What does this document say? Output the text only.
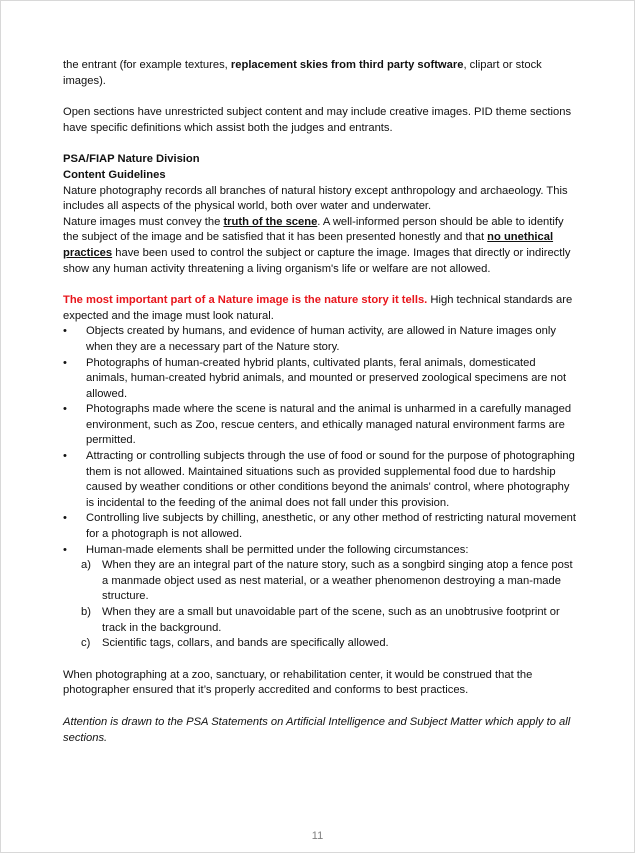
the entrant (for example textures, replacement skies from third party software, clipart or stock images).

Open sections have unrestricted subject content and may include creative images. PID theme sections have specific definitions which assist both the judges and entrants.

PSA/FIAP Nature Division

Content Guidelines

Nature photography records all branches of natural history except anthropology and archaeology. This includes all aspects of the physical world, both over water and underwater.

Nature images must convey the truth of the scene. A well-informed person should be able to identify the subject of the image and be satisfied that it has been presented honestly and that no unethical practices have been used to control the subject or capture the image. Images that directly or indirectly show any human activity threatening a living organism's life or welfare are not allowed.

The most important part of a Nature image is the nature story it tells. High technical standards are expected and the image must look natural.

•	Objects created by humans, and evidence of human activity, are allowed in Nature images only when they are a necessary part of the Nature story.
•	Photographs of human-created hybrid plants, cultivated plants, feral animals, domesticated animals, human-created hybrid animals, and mounted or preserved zoological specimens are not allowed.
•	Photographs made where the scene is natural and the animal is unharmed in a carefully managed environment, such as Zoo, rescue centers, and ethically managed natural environment farms are permitted.
•	Attracting or controlling subjects through the use of food or sound for the purpose of photographing them is not allowed. Maintained situations such as provided supplemental food due to hardship caused by weather conditions or other conditions beyond the animals' control, where photography is incidental to the feeding of the animal does not fall under this provision.
•	Controlling live subjects by chilling, anesthetic, or any other method of restricting natural movement for a photograph is not allowed.
•	Human-made elements shall be permitted under the following circumstances:
a) When they are an integral part of the nature story, such as a songbird singing atop a fence post a manmade object used as nest material, or a weather phenomenon destroying a man-made structure.
b) When they are a small but unavoidable part of the scene, such as an unobtrusive footprint or track in the background.
c) Scientific tags, collars, and bands are specifically allowed.

When photographing at a zoo, sanctuary, or rehabilitation center, it would be construed that the photographer ensured that it’s properly accredited and conforms to best practices.

Attention is drawn to the PSA Statements on Artificial Intelligence and Subject Matter which apply to all sections.

11
